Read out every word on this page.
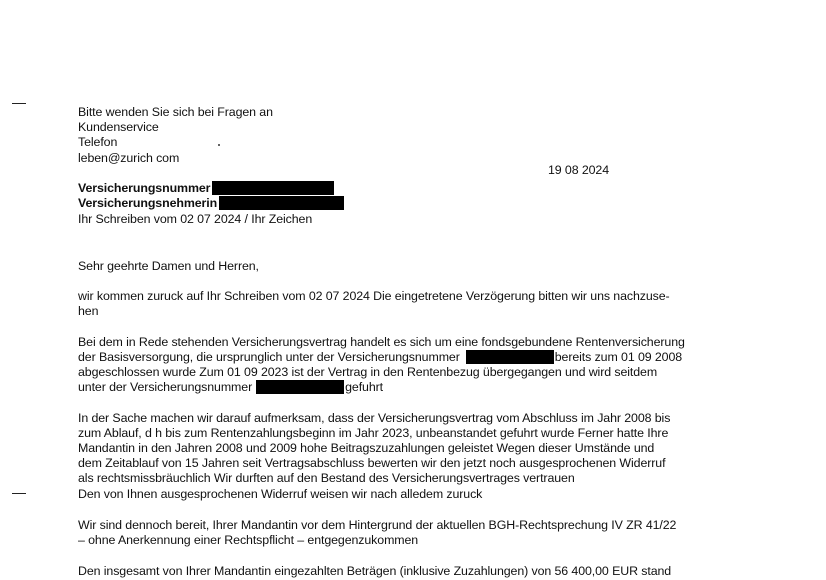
Bitte wenden Sie sich bei Fragen an
Kundenservice
Telefon
leben@zurich com
19 08 2024
Versicherungsnummer
Versicherungsnehmerin
Ihr Schreiben vom 02 07 2024 / Ihr Zeichen
Sehr geehrte Damen und Herren,
wir kommen zuruck auf Ihr Schreiben vom 02 07 2024 Die eingetretene Verzögerung bitten wir uns nachzuse-
hen
Bei dem in Rede stehenden Versicherungsvertrag handelt es sich um eine fondsgebundene Rentenversicherung
der Basisversorgung, die ursprunglich unter der Versicherungsnummer	bereits zum 01 09 2008
abgeschlossen wurde Zum 01 09 2023 ist der Vertrag in den Rentenbezug übergegangen und wird seitdem
unter der Versicherungsnummer	gefuhrt
In der Sache machen wir darauf aufmerksam, dass der Versicherungsvertrag vom Abschluss im Jahr 2008 bis
zum Ablauf, d h bis zum Rentenzahlungsbeginn im Jahr 2023, unbeanstandet gefuhrt wurde Ferner hatte Ihre
Mandantin in den Jahren 2008 und 2009 hohe Beitragszuzahlungen geleistet Wegen dieser Umstände und
dem Zeitablauf von 15 Jahren seit Vertragsabschluss bewerten wir den jetzt noch ausgesprochenen Widerruf
als rechtsmissbräuchlich Wir durften auf den Bestand des Versicherungsvertrages vertrauen
Den von Ihnen ausgesprochenen Widerruf weisen wir nach alledem zuruck
Wir sind dennoch bereit, Ihrer Mandantin vor dem Hintergrund der aktuellen BGH-Rechtsprechung IV ZR 41/22
– ohne Anerkennung einer Rechtspflicht – entgegenzukommen
Den insgesamt von Ihrer Mandantin eingezahlten Beträgen (inklusive Zuzahlungen) von 56 400,00 EUR stand
